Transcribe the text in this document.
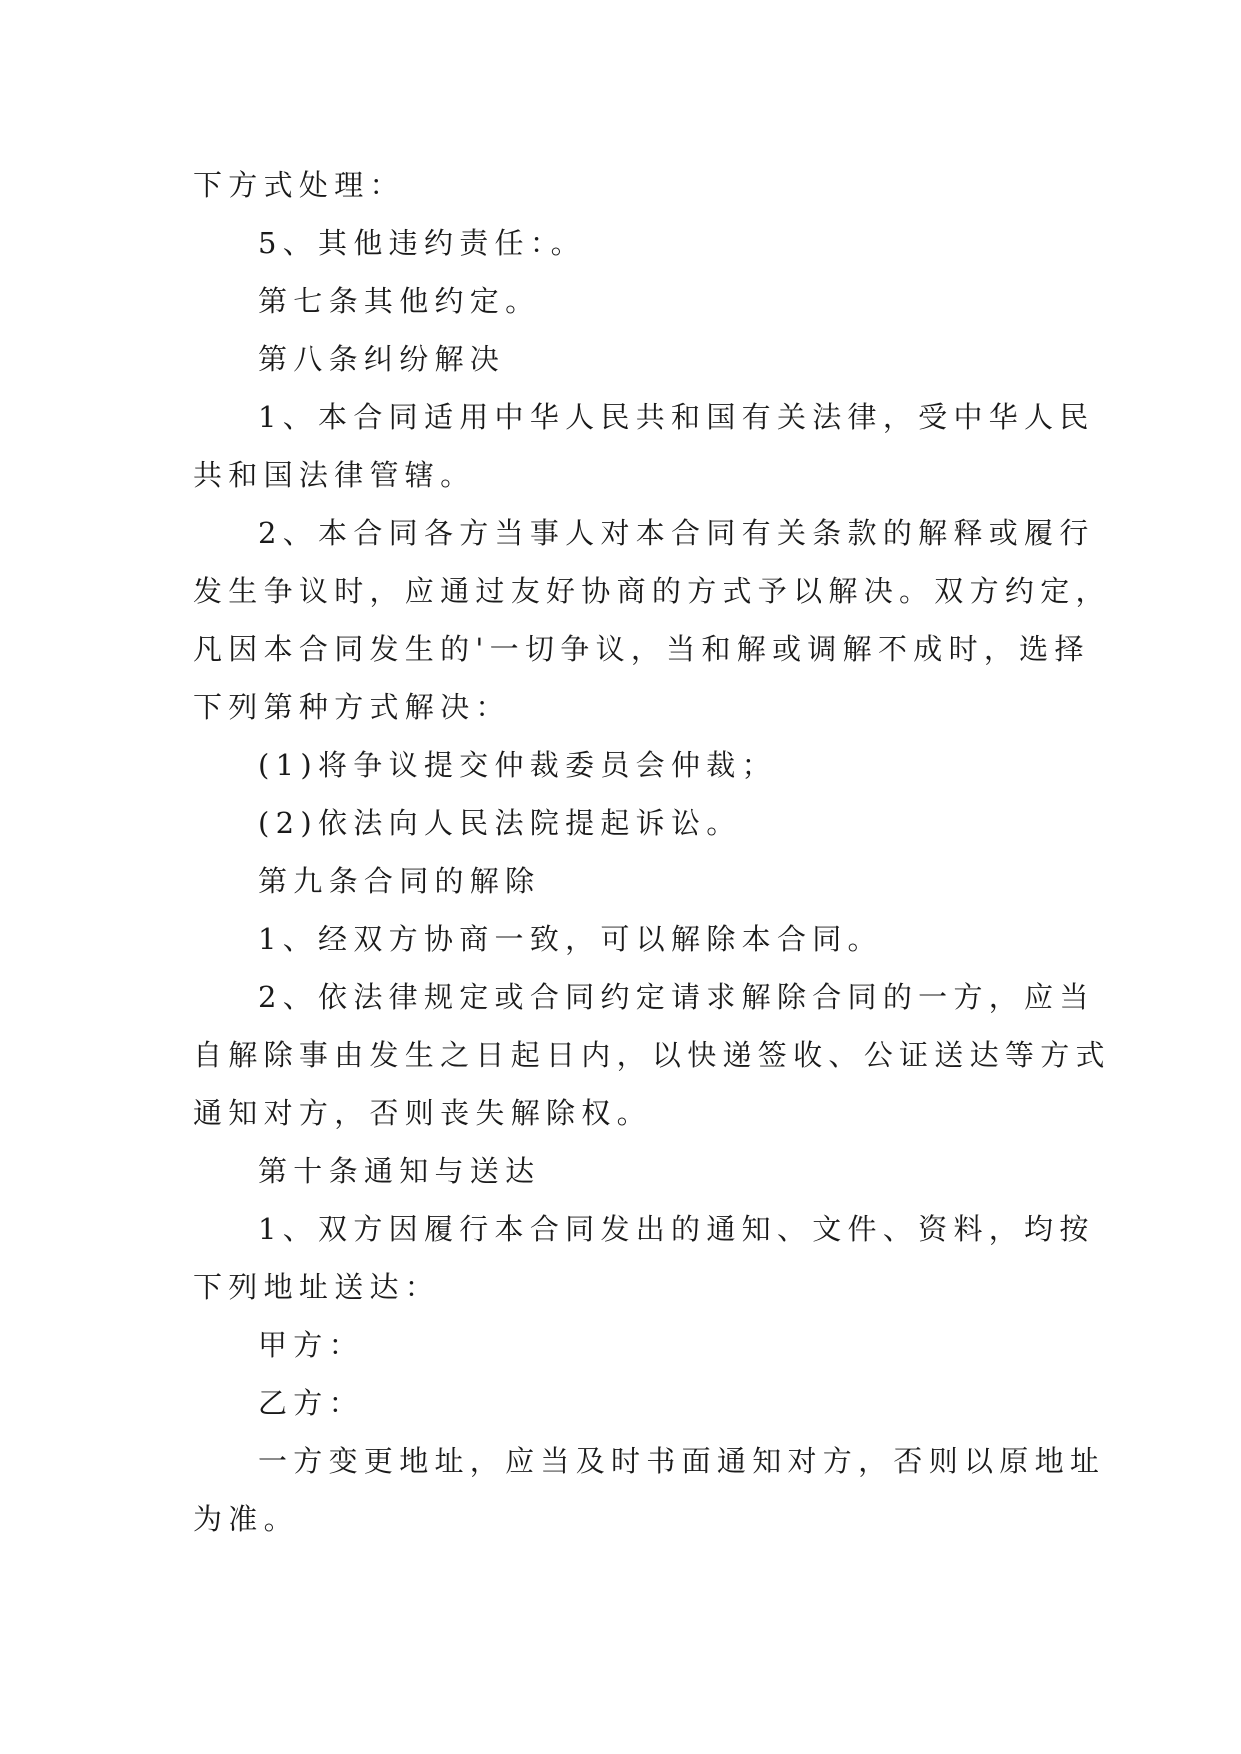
下方式处理：
5、其他违约责任：。
第七条其他约定。
第八条纠纷解决
1、本合同适用中华人民共和国有关法律，受中华人民
共和国法律管辖。
2、本合同各方当事人对本合同有关条款的解释或履行
发生争议时，应通过友好协商的方式予以解决。双方约定，
凡因本合同发生的'一切争议，当和解或调解不成时，选择
下列第种方式解决：
(1)将争议提交仲裁委员会仲裁；
(2)依法向人民法院提起诉讼。
第九条合同的解除
1、经双方协商一致，可以解除本合同。
2、依法律规定或合同约定请求解除合同的一方，应当
自解除事由发生之日起日内，以快递签收、公证送达等方式
通知对方，否则丧失解除权。
第十条通知与送达
1、双方因履行本合同发出的通知、文件、资料，均按
下列地址送达：
甲方：
乙方：
一方变更地址，应当及时书面通知对方，否则以原地址
为准。
